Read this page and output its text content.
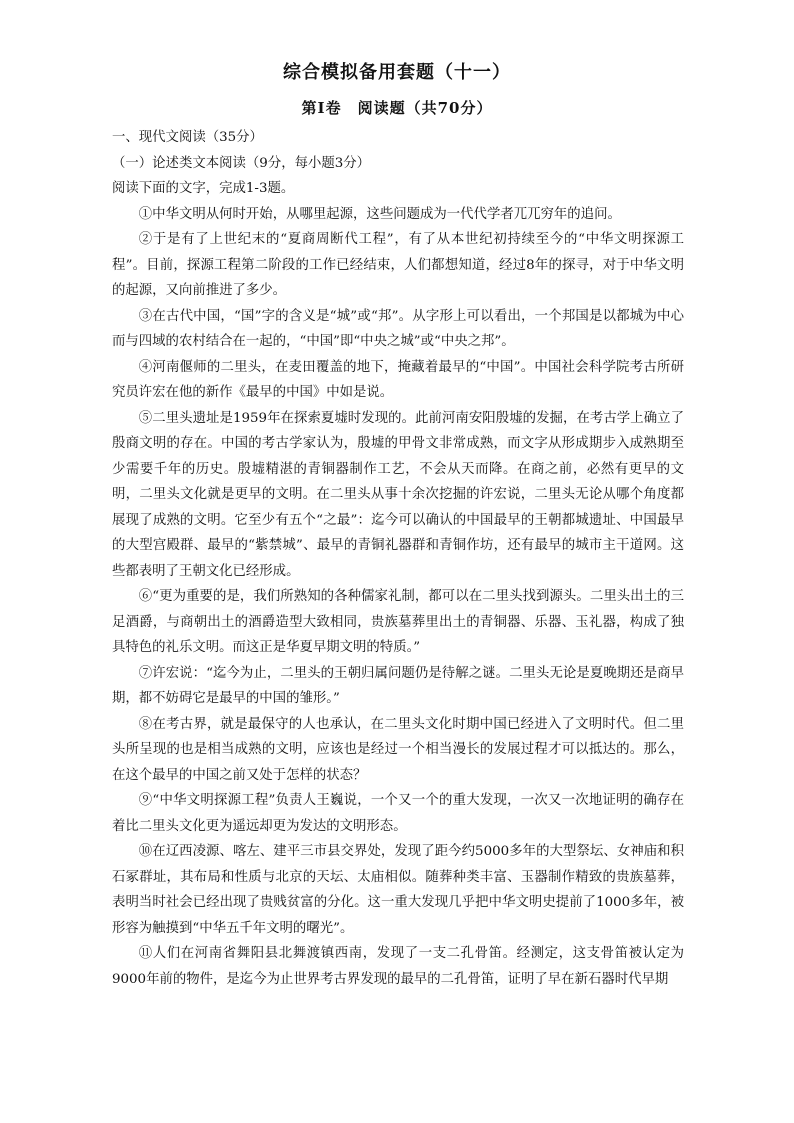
综合模拟备用套题（十一）
第Ⅰ卷　阅读题（共70分）

一、现代文阅读（35分）

（一）论述类文本阅读（9分，每小题3分）

阅读下面的文字，完成1-3题。

①中华文明从何时开始，从哪里起源，这些问题成为一代代学者兀兀穷年的追问。

②于是有了上世纪末的“夏商周断代工程”，有了从本世纪初持续至今的“中华文明探源工程”。目前，探源工程第二阶段的工作已经结束，人们都想知道，经过8年的探寻，对于中华文明的起源，又向前推进了多少。

③在古代中国，“国”字的含义是“城”或“邦”。从字形上可以看出，一个邦国是以都城为中心而与四域的农村结合在一起的，“中国”即“中央之城”或“中央之邦”。

④河南偃师的二里头，在麦田覆盖的地下，掩藏着最早的“中国”。中国社会科学院考古所研究员许宏在他的新作《最早的中国》中如是说。

⑤二里头遗址是1959年在探索夏墟时发现的。此前河南安阳殷墟的发掘，在考古学上确立了殷商文明的存在。中国的考古学家认为，殷墟的甲骨文非常成熟，而文字从形成期步入成熟期至少需要千年的历史。殷墟精湛的青铜器制作工艺，不会从天而降。在商之前，必然有更早的文明，二里头文化就是更早的文明。在二里头从事十余次挖掘的许宏说，二里头无论从哪个角度都展现了成熟的文明。它至少有五个“之最”：迄今可以确认的中国最早的王朝都城遗址、中国最早的大型宫殿群、最早的“紫禁城”、最早的青铜礼器群和青铜作坊，还有最早的城市主干道网。这些都表明了王朝文化已经形成。

⑥“更为重要的是，我们所熟知的各种儒家礼制，都可以在二里头找到源头。二里头出土的三足酒爵，与商朝出土的酒爵造型大致相同，贵族墓葬里出土的青铜器、乐器、玉礼器，构成了独具特色的礼乐文明。而这正是华夏早期文明的特质。”

⑦许宏说：“迄今为止，二里头的王朝归属问题仍是待解之谜。二里头无论是夏晚期还是商早期，都不妨碍它是最早的中国的雏形。”

⑧在考古界，就是最保守的人也承认，在二里头文化时期中国已经进入了文明时代。但二里头所呈现的也是相当成熟的文明，应该也是经过一个相当漫长的发展过程才可以抵达的。那么，在这个最早的中国之前又处于怎样的状态？

⑨“中华文明探源工程”负责人王巍说，一个又一个的重大发现，一次又一次地证明的确存在着比二里头文化更为遥远却更为发达的文明形态。

⑩在辽西凌源、喀左、建平三市县交界处，发现了距今约5000多年的大型祭坛、女神庙和积石冢群址，其布局和性质与北京的天坛、太庙相似。随葬种类丰富、玉器制作精致的贵族墓葬，表明当时社会已经出现了贵贱贫富的分化。这一重大发现几乎把中华文明史提前了1000多年，被形容为触摸到“中华五千年文明的曙光”。

⑪人们在河南省舞阳县北舞渡镇西南，发现了一支二孔骨笛。经测定，这支骨笛被认定为9000年前的物件，是迄今为止世界考古界发现的最早的二孔骨笛，证明了早在新石器时代早期
